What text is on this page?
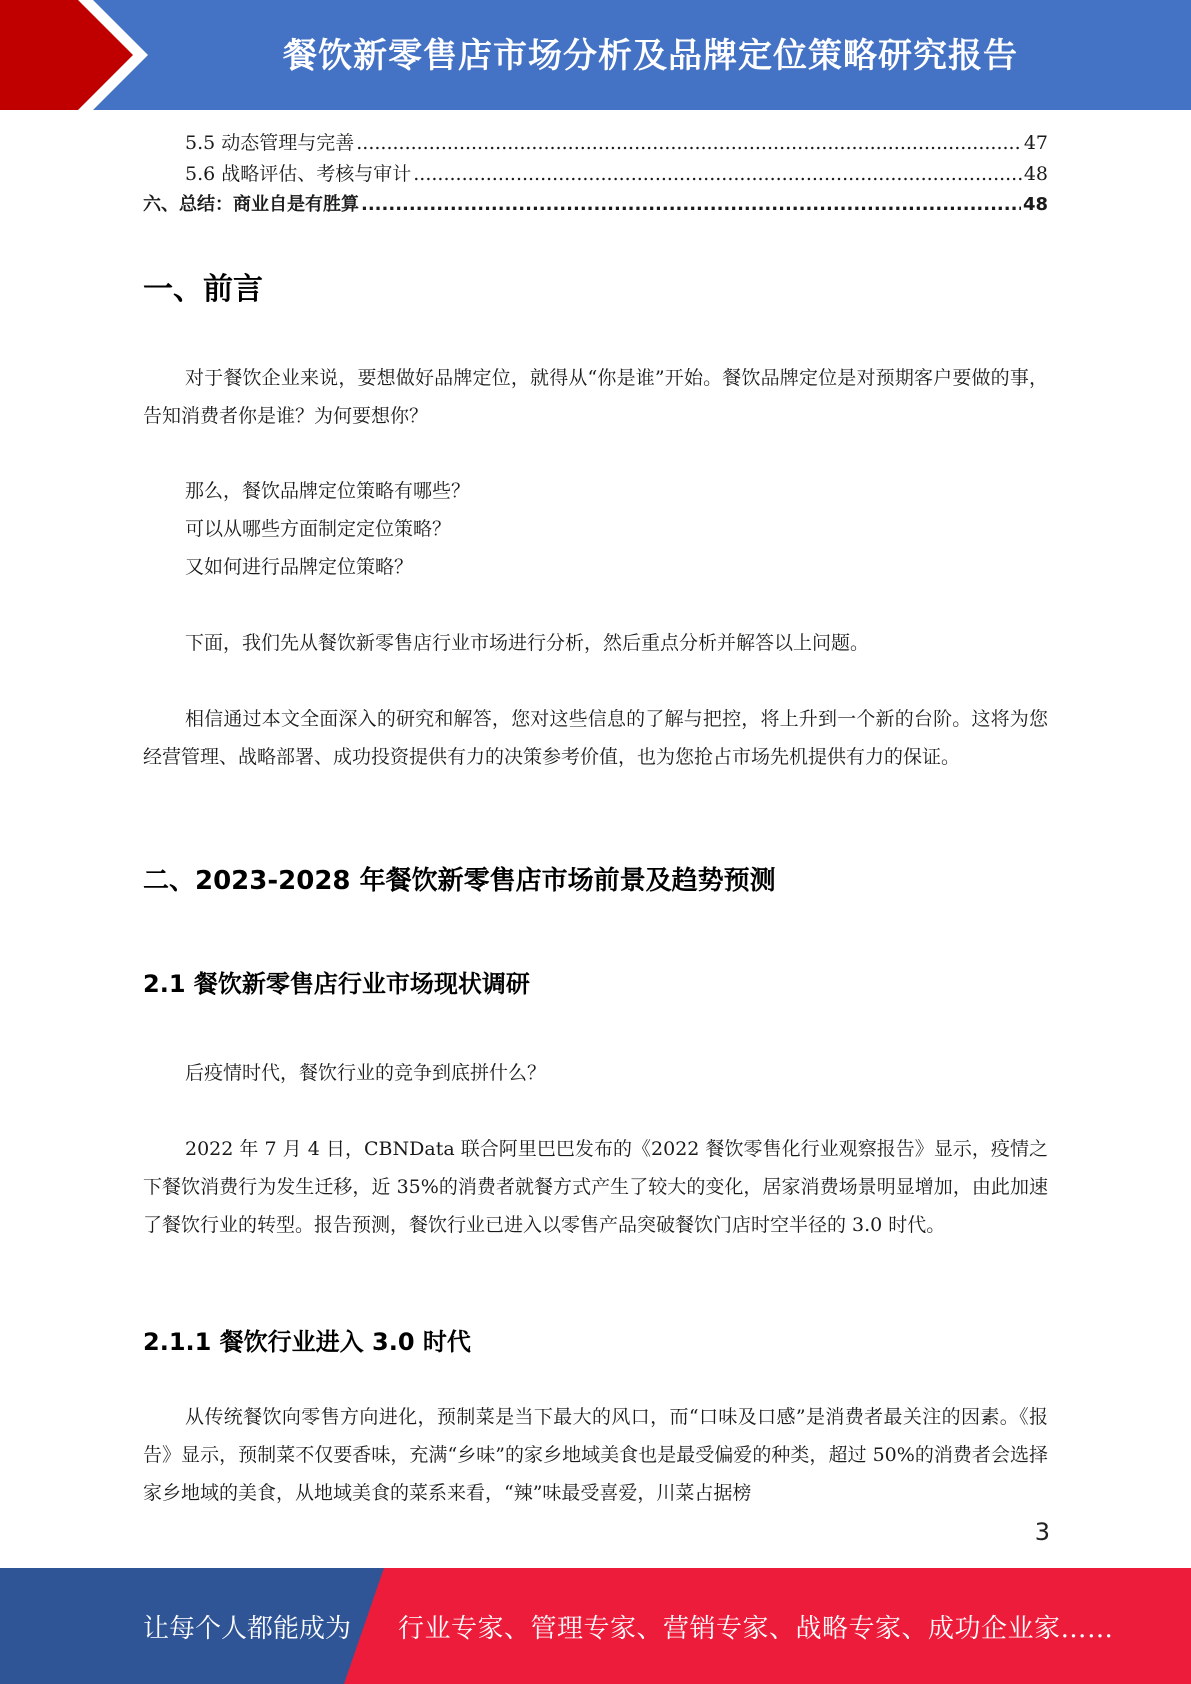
餐饮新零售店市场分析及品牌定位策略研究报告
5.5 动态管理与完善 .....	47
5.6 战略评估、考核与审计 .....	48
六、总结：商业自是有胜算 .....	48
一、前言

对于餐饮企业来说，要想做好品牌定位，就得从“你是谁”开始。餐饮品牌定位是对预期客户要做的事，告知消费者你是谁？为何要想你？

那么，餐饮品牌定位策略有哪些？

可以从哪些方面制定定位策略？

又如何进行品牌定位策略？

下面，我们先从餐饮新零售店行业市场进行分析，然后重点分析并解答以上问题。

相信通过本文全面深入的研究和解答，您对这些信息的了解与把控，将上升到一个新的台阶。这将为您经营管理、战略部署、成功投资提供有力的决策参考价值，也为您抢占市场先机提供有力的保证。

二、2023-2028 年餐饮新零售店市场前景及趋势预测
2.1 餐饮新零售店行业市场现状调研

后疫情时代，餐饮行业的竞争到底拼什么？

2022 年 7 月 4 日，CBNData 联合阿里巴巴发布的《2022 餐饮零售化行业观察报告》显示，疫情之下餐饮消费行为发生迁移，近 35%的消费者就餐方式产生了较大的变化，居家消费场景明显增加，由此加速了餐饮行业的转型。报告预测，餐饮行业已进入以零售产品突破餐饮门店时空半径的 3.0 时代。

2.1.1 餐饮行业进入 3.0 时代

从传统餐饮向零售方向进化，预制菜是当下最大的风口，而“口味及口感”是消费者最关注的因素。《报告》显示，预制菜不仅要香味，充满“乡味”的家乡地域美食也是最受偏爱的种类，超过 50%的消费者会选择家乡地域的美食，从地域美食的菜系来看，“辣”味最受喜爱，川菜占据榜

3
让每个人都能成为 行业专家、管理专家、营销专家、战略专家、成功企业家……
